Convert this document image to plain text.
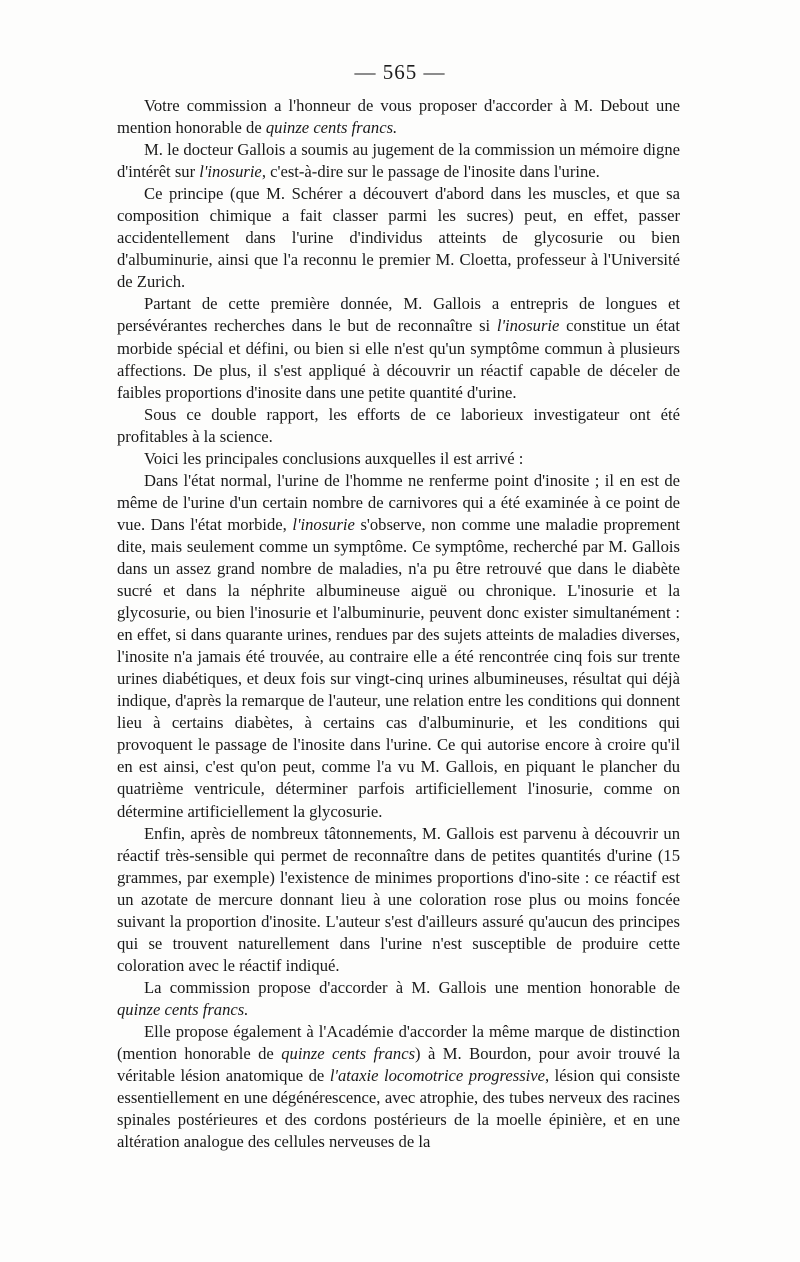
— 565 —

Votre commission a l'honneur de vous proposer d'accorder à M. Debout une mention honorable de quinze cents francs.

M. le docteur Gallois a soumis au jugement de la commission un mémoire digne d'intérêt sur l'inosurie, c'est-à-dire sur le passage de l'inosite dans l'urine.

Ce principe (que M. Schérer a découvert d'abord dans les muscles, et que sa composition chimique a fait classer parmi les sucres) peut, en effet, passer accidentellement dans l'urine d'individus atteints de glycosurie ou bien d'albuminurie, ainsi que l'a reconnu le premier M. Cloetta, professeur à l'Université de Zurich.

Partant de cette première donnée, M. Gallois a entrepris de longues et persévérantes recherches dans le but de reconnaître si l'inosurie constitue un état morbide spécial et défini, ou bien si elle n'est qu'un symptôme commun à plusieurs affections. De plus, il s'est appliqué à découvrir un réactif capable de déceler de faibles proportions d'inosite dans une petite quantité d'urine.

Sous ce double rapport, les efforts de ce laborieux investigateur ont été profitables à la science.

Voici les principales conclusions auxquelles il est arrivé :

Dans l'état normal, l'urine de l'homme ne renferme point d'inosite ; il en est de même de l'urine d'un certain nombre de carnivores qui a été examinée à ce point de vue. Dans l'état morbide, l'inosurie s'observe, non comme une maladie proprement dite, mais seulement comme un symptôme. Ce symptôme, recherché par M. Gallois dans un assez grand nombre de maladies, n'a pu être retrouvé que dans le diabète sucré et dans la néphrite albumineuse aiguë ou chronique. L'inosurie et la glycosurie, ou bien l'inosurie et l'albuminurie, peuvent donc exister simultanément : en effet, si dans quarante urines, rendues par des sujets atteints de maladies diverses, l'inosite n'a jamais été trouvée, au contraire elle a été rencontrée cinq fois sur trente urines diabétiques, et deux fois sur vingt-cinq urines albumineuses, résultat qui déjà indique, d'après la remarque de l'auteur, une relation entre les conditions qui donnent lieu à certains diabètes, à certains cas d'albuminurie, et les conditions qui provoquent le passage de l'inosite dans l'urine. Ce qui autorise encore à croire qu'il en est ainsi, c'est qu'on peut, comme l'a vu M. Gallois, en piquant le plancher du quatrième ventricule, déterminer parfois artificiellement l'inosurie, comme on détermine artificiellement la glycosurie.

Enfin, après de nombreux tâtonnements, M. Gallois est parvenu à découvrir un réactif très-sensible qui permet de reconnaître dans de petites quantités d'urine (15 grammes, par exemple) l'existence de minimes proportions d'ino-site : ce réactif est un azotate de mercure donnant lieu à une coloration rose plus ou moins foncée suivant la proportion d'inosite. L'auteur s'est d'ailleurs assuré qu'aucun des principes qui se trouvent naturellement dans l'urine n'est susceptible de produire cette coloration avec le réactif indiqué.

La commission propose d'accorder à M. Gallois une mention honorable de quinze cents francs.

Elle propose également à l'Académie d'accorder la même marque de distinction (mention honorable de quinze cents francs) à M. Bourdon, pour avoir trouvé la véritable lésion anatomique de l'ataxie locomotrice progressive, lésion qui consiste essentiellement en une dégénérescence, avec atrophie, des tubes nerveux des racines spinales postérieures et des cordons postérieurs de la moelle épinière, et en une altération analogue des cellules nerveuses de la
